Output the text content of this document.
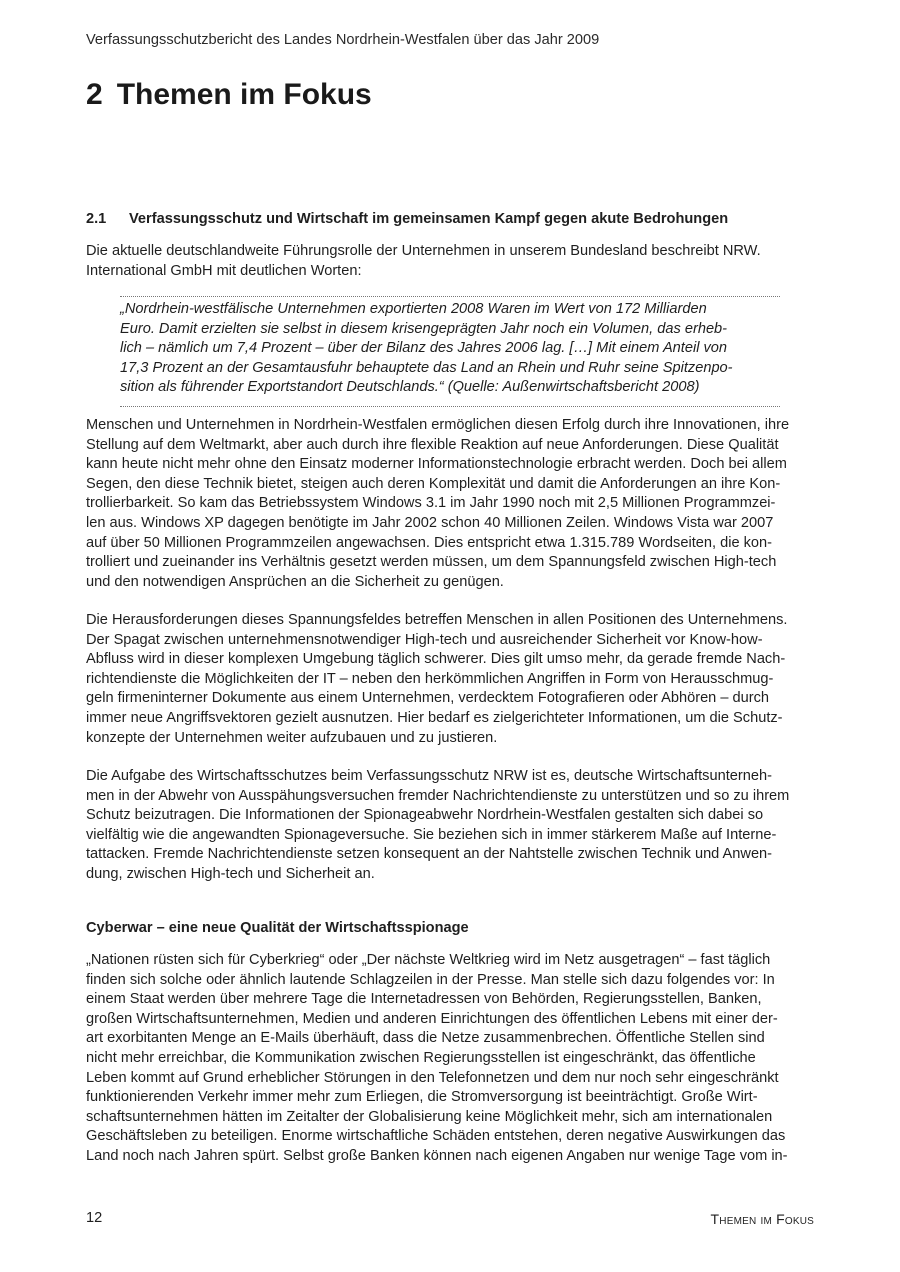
Verfassungsschutzbericht des Landes Nordrhein-Westfalen über das Jahr 2009
2 Themen im Fokus
2.1 Verfassungsschutz und Wirtschaft im gemeinsamen Kampf gegen akute Bedrohungen

Die aktuelle deutschlandweite Führungsrolle der Unternehmen in unserem Bundesland beschreibt NRW.
International GmbH mit deutlichen Worten:

„Nordrhein-westfälische Unternehmen exportierten 2008 Waren im Wert von 172 Milliarden
Euro. Damit erzielten sie selbst in diesem krisengeprägten Jahr noch ein Volumen, das erheb-
lich – nämlich um 7,4 Prozent – über der Bilanz des Jahres 2006 lag. […] Mit einem Anteil von
17,3 Prozent an der Gesamtausfuhr behauptete das Land an Rhein und Ruhr seine Spitzenpo-
sition als führender Exportstandort Deutschlands.“ (Quelle: Außenwirtschaftsbericht 2008)

Menschen und Unternehmen in Nordrhein-Westfalen ermöglichen diesen Erfolg durch ihre Innovationen, ihre
Stellung auf dem Weltmarkt, aber auch durch ihre flexible Reaktion auf neue Anforderungen. Diese Qualität
kann heute nicht mehr ohne den Einsatz moderner Informationstechnologie erbracht werden. Doch bei allem
Segen, den diese Technik bietet, steigen auch deren Komplexität und damit die Anforderungen an ihre Kon-
trollierbarkeit. So kam das Betriebssystem Windows 3.1 im Jahr 1990 noch mit 2,5 Millionen Programmzei-
len aus. Windows XP dagegen benötigte im Jahr 2002 schon 40 Millionen Zeilen. Windows Vista war 2007
auf über 50 Millionen Programmzeilen angewachsen. Dies entspricht etwa 1.315.789 Wordseiten, die kon-
trolliert und zueinander ins Verhältnis gesetzt werden müssen, um dem Spannungsfeld zwischen High-tech
und den notwendigen Ansprüchen an die Sicherheit zu genügen.

Die Herausforderungen dieses Spannungsfeldes betreffen Menschen in allen Positionen des Unternehmens.
Der Spagat zwischen unternehmensnotwendiger High-tech und ausreichender Sicherheit vor Know-how-
Abfluss wird in dieser komplexen Umgebung täglich schwerer. Dies gilt umso mehr, da gerade fremde Nach-
richtendienste die Möglichkeiten der IT – neben den herkömmlichen Angriffen in Form von Herausschmug-
geln firmeninterner Dokumente aus einem Unternehmen, verdecktem Fotografieren oder Abhören – durch
immer neue Angriffsvektoren gezielt ausnutzen. Hier bedarf es zielgerichteter Informationen, um die Schutz-
konzepte der Unternehmen weiter aufzubauen und zu justieren.

Die Aufgabe des Wirtschaftsschutzes beim Verfassungsschutz NRW ist es, deutsche Wirtschaftsunterneh-
men in der Abwehr von Ausspähungsversuchen fremder Nachrichtendienste zu unterstützen und so zu ihrem
Schutz beizutragen. Die Informationen der Spionageabwehr Nordrhein-Westfalen gestalten sich dabei so
vielfältig wie die angewandten Spionageversuche. Sie beziehen sich in immer stärkerem Maße auf Interne-
tattacken. Fremde Nachrichtendienste setzen konsequent an der Nahtstelle zwischen Technik und Anwen-
dung, zwischen High-tech und Sicherheit an.

Cyberwar – eine neue Qualität der Wirtschaftsspionage

„Nationen rüsten sich für Cyberkrieg“ oder „Der nächste Weltkrieg wird im Netz ausgetragen“ – fast täglich
finden sich solche oder ähnlich lautende Schlagzeilen in der Presse. Man stelle sich dazu folgendes vor: In
einem Staat werden über mehrere Tage die Internetadressen von Behörden, Regierungsstellen, Banken,
großen Wirtschaftsunternehmen, Medien und anderen Einrichtungen des öffentlichen Lebens mit einer der-
art exorbitanten Menge an E-Mails überhäuft, dass die Netze zusammenbrechen. Öffentliche Stellen sind
nicht mehr erreichbar, die Kommunikation zwischen Regierungsstellen ist eingeschränkt, das öffentliche
Leben kommt auf Grund erheblicher Störungen in den Telefonnetzen und dem nur noch sehr eingeschränkt
funktionierenden Verkehr immer mehr zum Erliegen, die Stromversorgung ist beeinträchtigt. Große Wirt-
schaftsunternehmen hätten im Zeitalter der Globalisierung keine Möglichkeit mehr, sich am internationalen
Geschäftsleben zu beteiligen. Enorme wirtschaftliche Schäden entstehen, deren negative Auswirkungen das
Land noch nach Jahren spürt. Selbst große Banken können nach eigenen Angaben nur wenige Tage vom in-

12	Themen im Fokus
